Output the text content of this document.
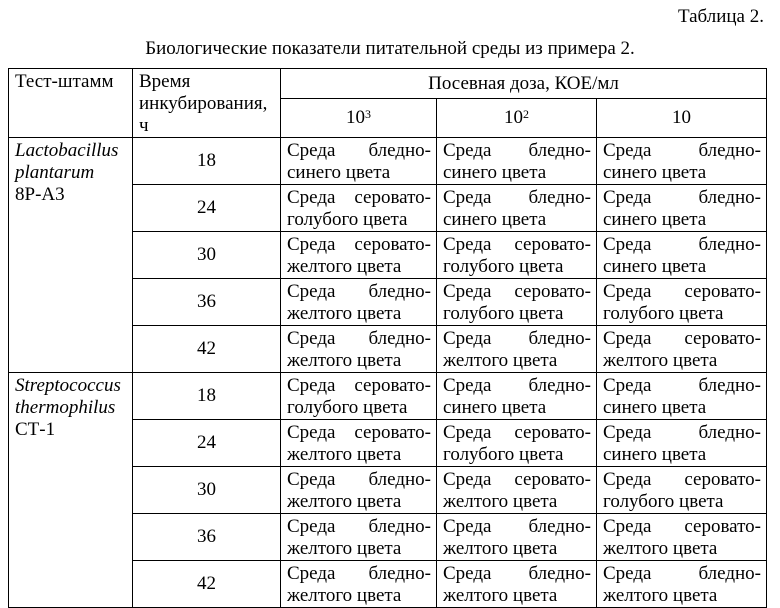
Таблица 2.
Биологические показатели питательной среды из примера 2.
Тест-штамм	Время инкубирования, ч	Посевная доза, КОЕ/мл		
		$10^3$	$10^2$	10

Lactobacillus
plantarum
8Р-А3	18	Среда бледно-
синего цвета	Среда бледно-
синего цвета	Среда бледно-
синего цвета

	24	Среда серовато-
голубого цвета	Среда бледно-
синего цвета	Среда бледно-
синего цвета

	30	Среда серовато-
желтого цвета	Среда серовато-
голубого цвета	Среда бледно-
синего цвета

	36	Среда бледно-
желтого цвета	Среда серовато-
голубого цвета	Среда серовато-
голубого цвета

	42	Среда бледно-
желтого цвета	Среда бледно-
желтого цвета	Среда серовато-
желтого цвета

Streptococcus
thermophilus
СТ-1	18	Среда серовато-
голубого цвета	Среда бледно-
синего цвета	Среда бледно-
синего цвета

	24	Среда серовато-
желтого цвета	Среда серовато-
голубого цвета	Среда бледно-
синего цвета

	30	Среда бледно-
желтого цвета	Среда серовато-
желтого цвета	Среда серовато-
голубого цвета

	36	Среда бледно-
желтого цвета	Среда бледно-
желтого цвета	Среда серовато-
желтого цвета

	42	Среда бледно-
желтого цвета	Среда бледно-
желтого цвета	Среда бледно-
желтого цвета
